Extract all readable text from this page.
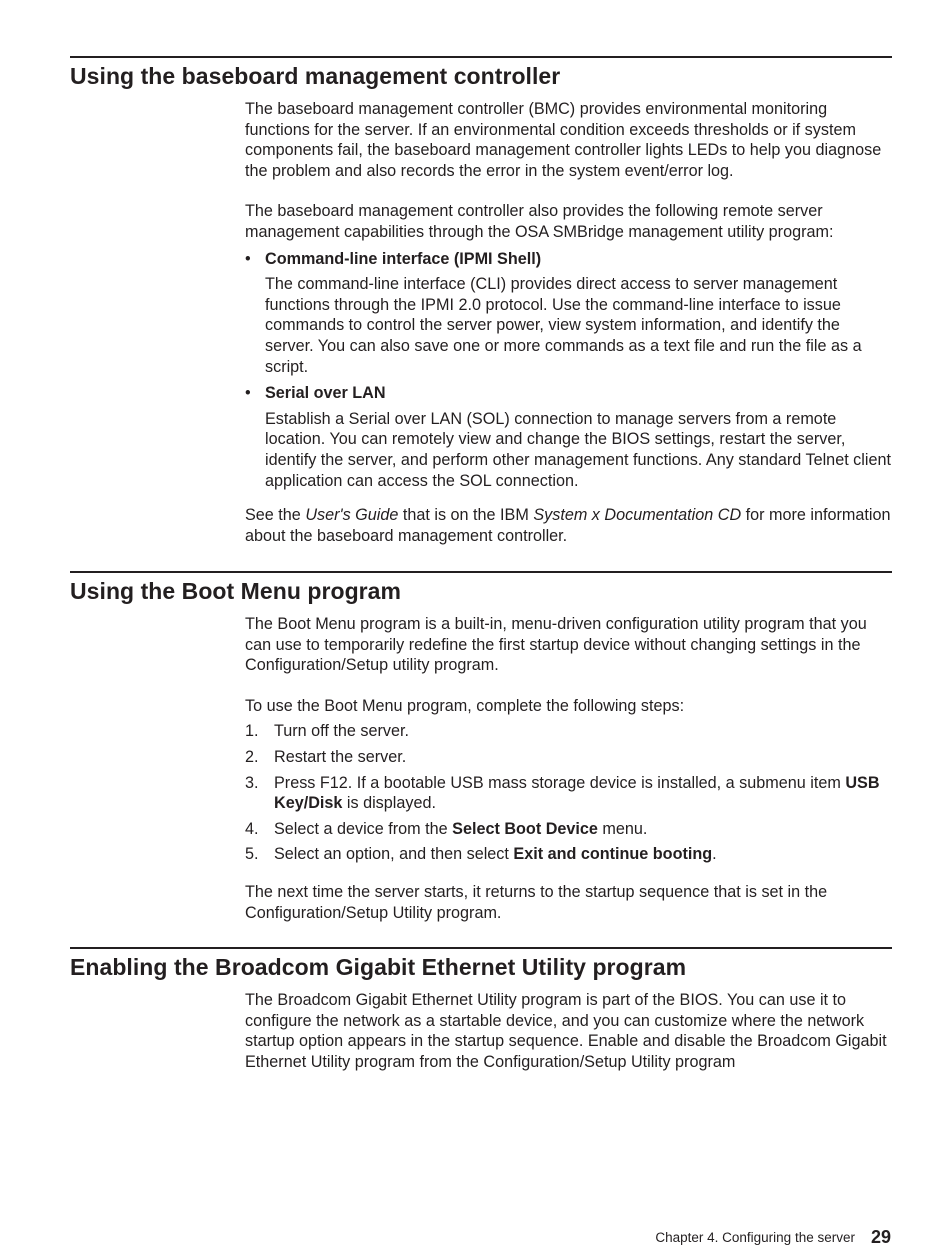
Using the baseboard management controller

The baseboard management controller (BMC) provides environmental monitoring functions for the server. If an environmental condition exceeds thresholds or if system components fail, the baseboard management controller lights LEDs to help you diagnose the problem and also records the error in the system event/error log.

The baseboard management controller also provides the following remote server management capabilities through the OSA SMBridge management utility program:

• Command-line interface (IPMI Shell)
The command-line interface (CLI) provides direct access to server management functions through the IPMI 2.0 protocol. Use the command-line interface to issue commands to control the server power, view system information, and identify the server. You can also save one or more commands as a text file and run the file as a script.
• Serial over LAN
Establish a Serial over LAN (SOL) connection to manage servers from a remote location. You can remotely view and change the BIOS settings, restart the server, identify the server, and perform other management functions. Any standard Telnet client application can access the SOL connection.

See the User's Guide that is on the IBM System x Documentation CD for more information about the baseboard management controller.

Using the Boot Menu program

The Boot Menu program is a built-in, menu-driven configuration utility program that you can use to temporarily redefine the first startup device without changing settings in the Configuration/Setup utility program.

To use the Boot Menu program, complete the following steps:

1. Turn off the server.
2. Restart the server.
3. Press F12. If a bootable USB mass storage device is installed, a submenu item USB Key/Disk is displayed.
4. Select a device from the Select Boot Device menu.
5. Select an option, and then select Exit and continue booting.

The next time the server starts, it returns to the startup sequence that is set in the Configuration/Setup Utility program.

Enabling the Broadcom Gigabit Ethernet Utility program

The Broadcom Gigabit Ethernet Utility program is part of the BIOS. You can use it to configure the network as a startable device, and you can customize where the network startup option appears in the startup sequence. Enable and disable the Broadcom Gigabit Ethernet Utility program from the Configuration/Setup Utility program

Chapter 4. Configuring the server 29
